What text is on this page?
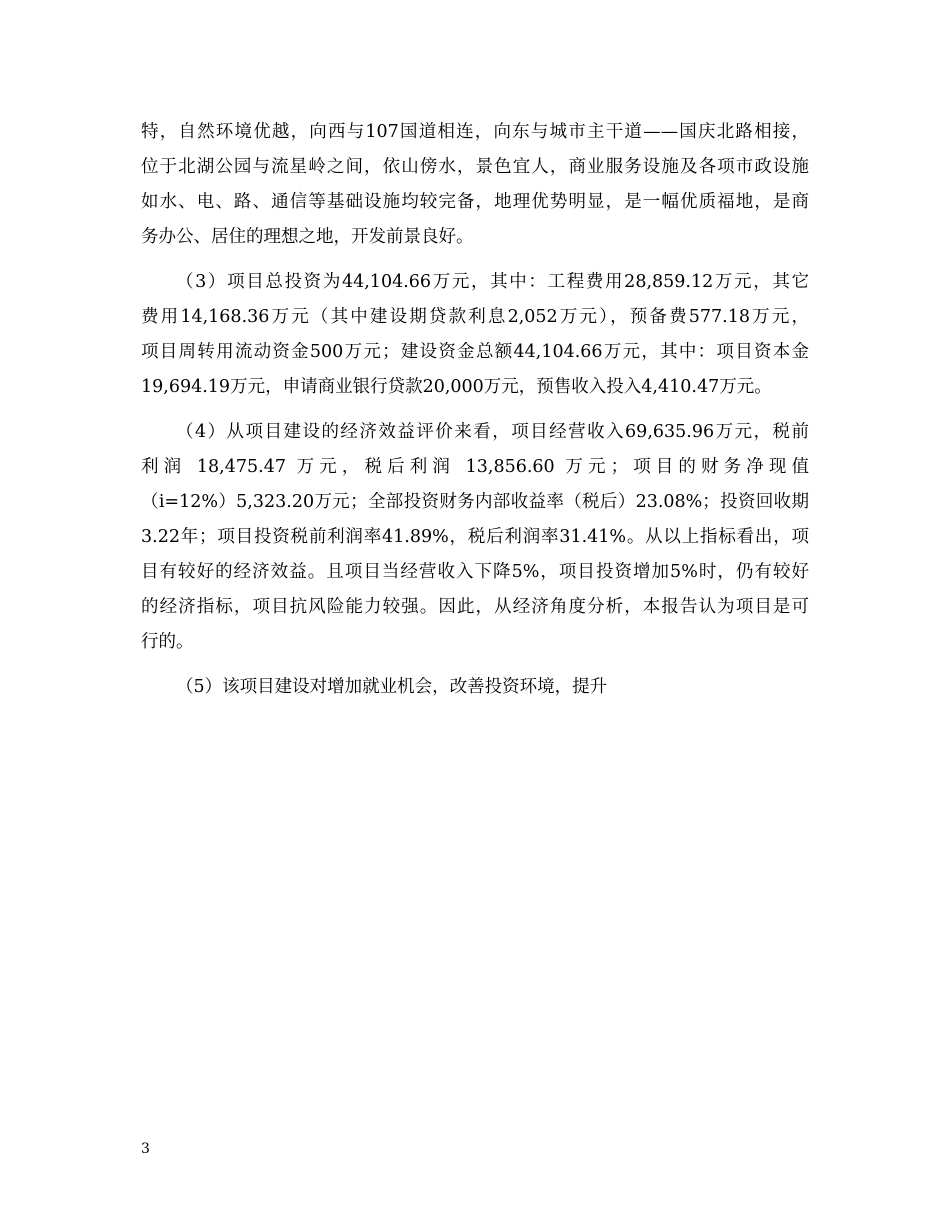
特，自然环境优越，向西与107国道相连，向东与城市主干道——国庆北路相接，
位于北湖公园与流星岭之间，依山傍水，景色宜人，商业服务设施及各项市政设施
如水、电、路、通信等基础设施均较完备，地理优势明显，是一幅优质福地，是商
务办公、居住的理想之地，开发前景良好。
（3）项目总投资为44,104.66万元，其中：工程费用28,859.12万元，其它
费用14,168.36万元（其中建设期贷款利息2,052万元），预备费577.18万元，
项目周转用流动资金500万元；建设资金总额44,104.66万元，其中：项目资本金
19,694.19万元，申请商业银行贷款20,000万元，预售收入投入4,410.47万元。
（4）从项目建设的经济效益评价来看，项目经营收入69,635.96万元，税前
利润 18,475.47 万元，税后利润 13,856.60 万元；项目的财务净现值
（i=12%）5,323.20万元；全部投资财务内部收益率（税后）23.08%；投资回收期
3.22年；项目投资税前利润率41.89%，税后利润率31.41%。从以上指标看出，项
目有较好的经济效益。且项目当经营收入下降5%，项目投资增加5%时，仍有较好
的经济指标，项目抗风险能力较强。因此，从经济角度分析，本报告认为项目是可
行的。
（5）该项目建设对增加就业机会，改善投资环境，提升
3
